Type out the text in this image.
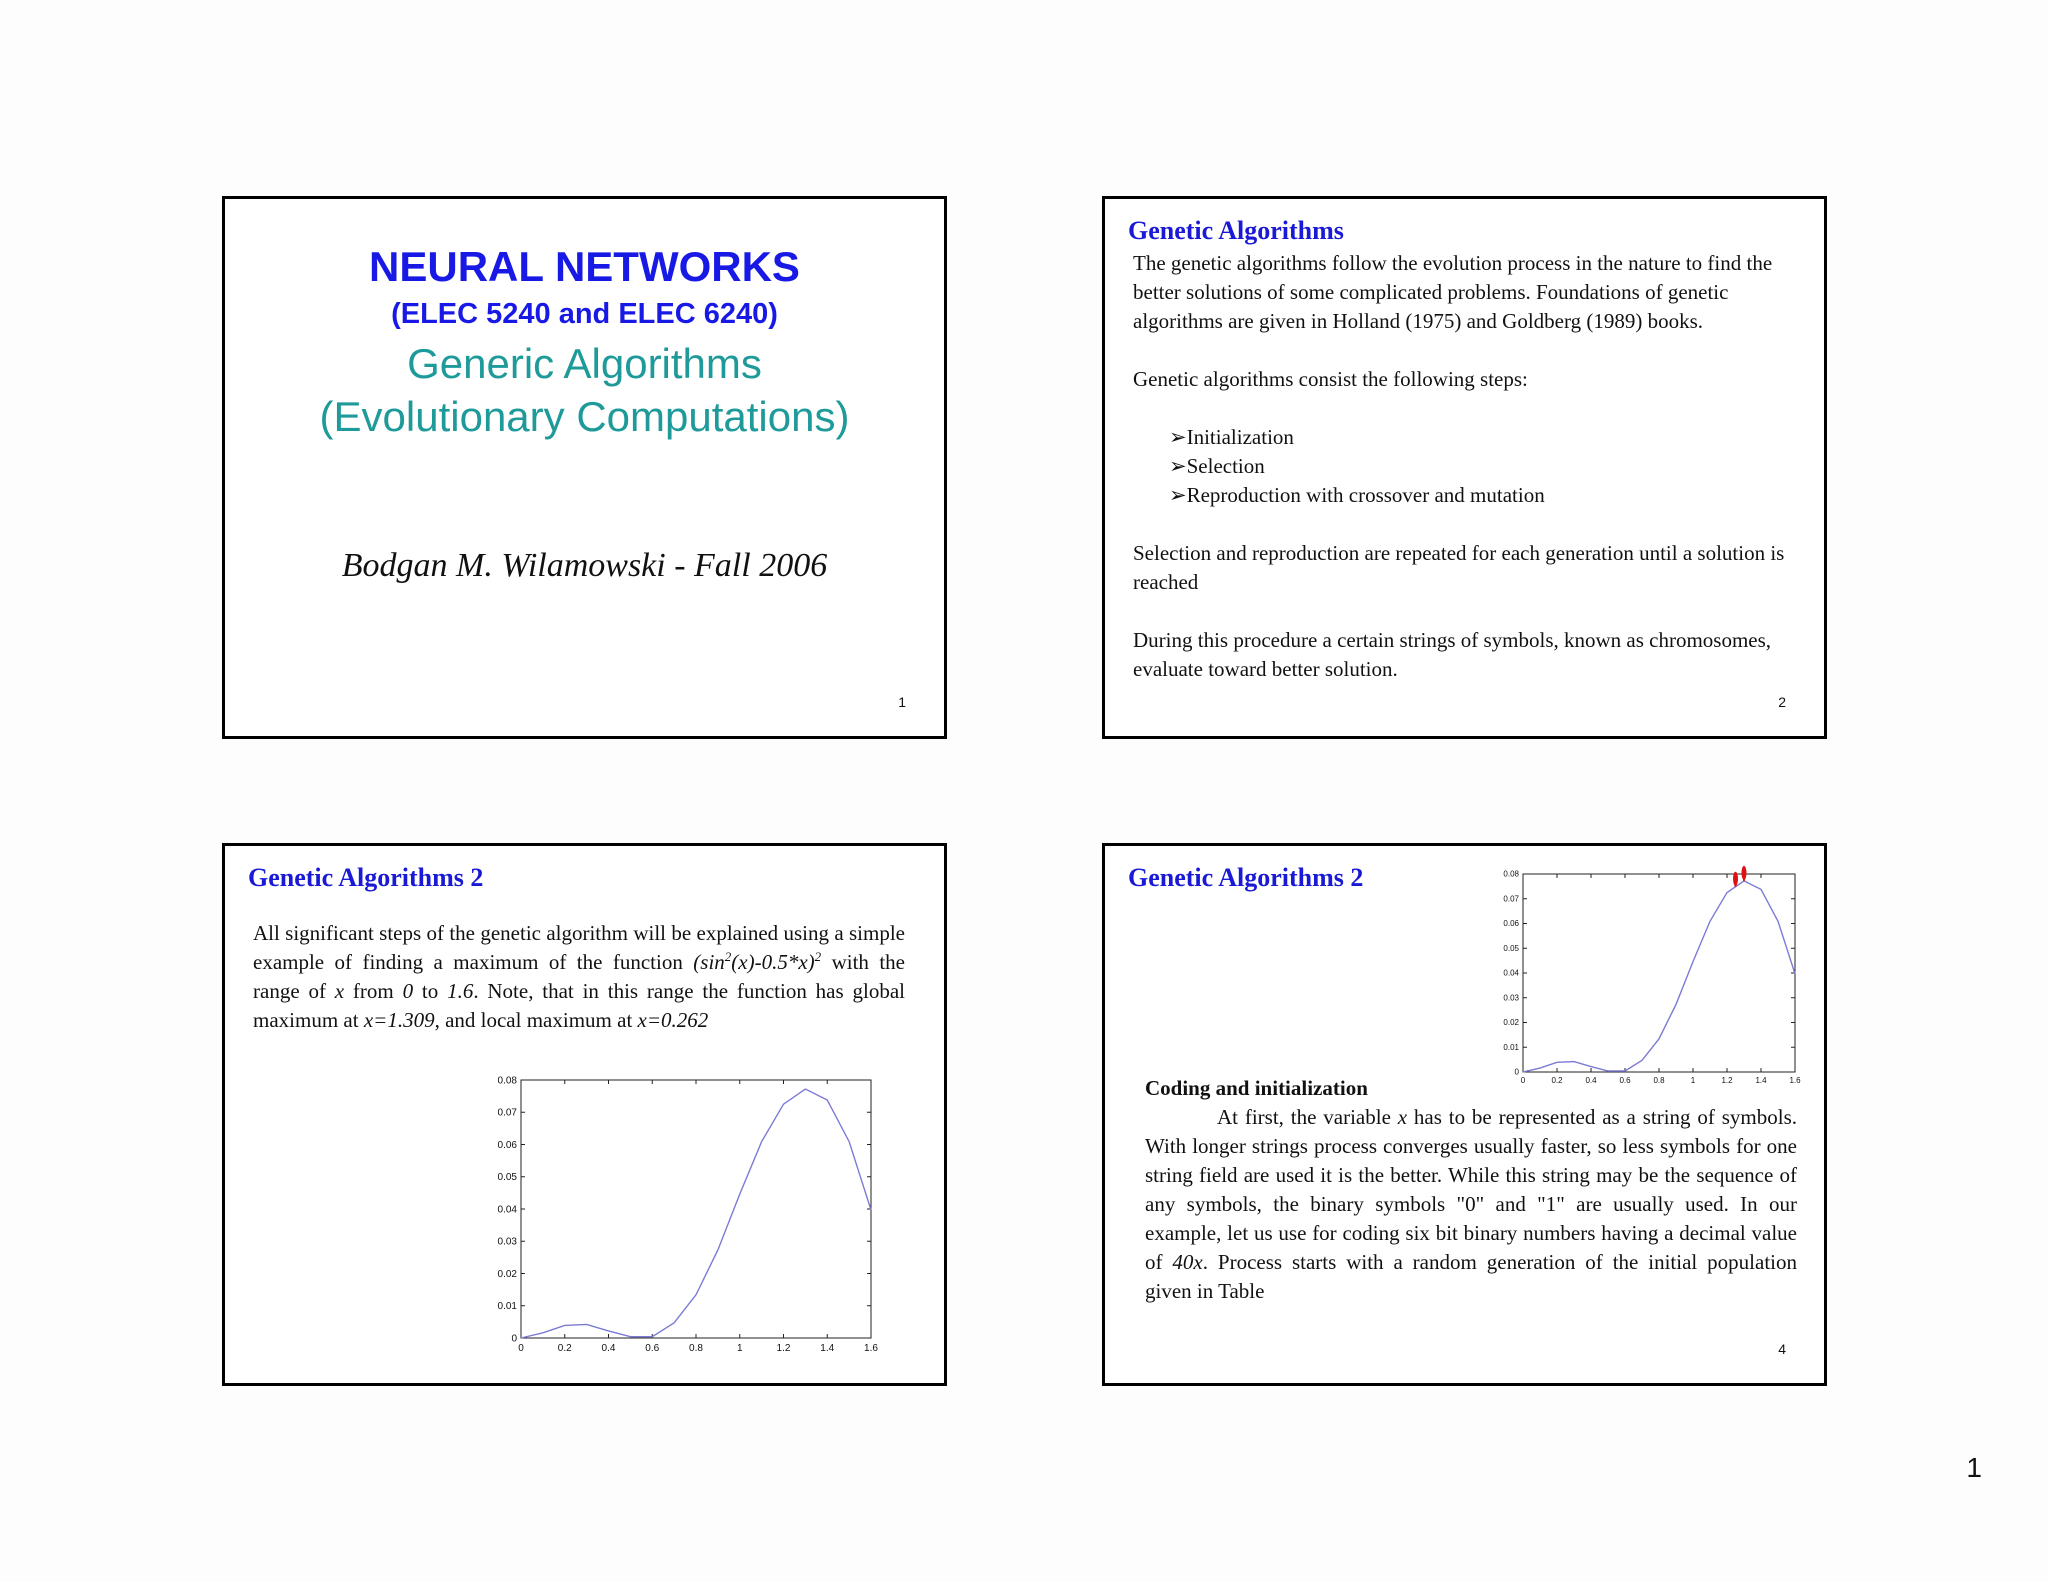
NEURAL NETWORKS
(ELEC 5240 and ELEC 6240)
Generic Algorithms
(Evolutionary Computations)
Bodgan M. Wilamowski - Fall 2006
1
Genetic Algorithms

The genetic algorithms follow the evolution process in the nature to find the better solutions of some complicated problems. Foundations of genetic algorithms are given in Holland (1975) and Goldberg (1989) books.

Genetic algorithms consist the following steps:

➢Initialization

➢Selection

➢Reproduction with crossover and mutation

Selection and reproduction are repeated for each generation until a solution is reached

During this procedure a certain strings of symbols, known as chromosomes, evaluate toward better solution.

2
Genetic Algorithms 2
All significant steps of the genetic algorithm will be explained using a simple example of finding a maximum of the function $(\sin^2(x)-0.5*x)^2$ with the range of x from 0 to 1.6. Note, that in this range the function has global maximum at x=1.309, and local maximum at x=0.262
0	0.2	0.4	0.6	0.8	1	1.2	1.4	1.6
0
0.01
0.02
0.03
0.04
0.05
0.06
0.07
0.08
Genetic Algorithms 2
0	0.2	0.4	0.6	0.8	1	1.2	1.4	1.6
0
0.01
0.02
0.03
0.04
0.05
0.06
0.07
0.08
Coding and initialization
At first, the variable x has to be represented as a string of symbols. With longer strings process converges usually faster, so less symbols for one string field are used it is the better. While this string may be the sequence of any symbols, the binary symbols "0" and "1" are usually used. In our example, let us use for coding six bit binary numbers having a decimal value of 40x. Process starts with a random generation of the initial population given in Table
4
1
